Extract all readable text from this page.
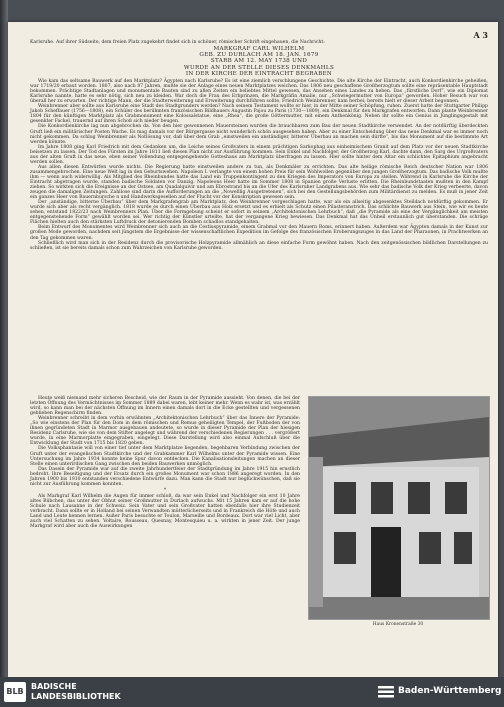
A 3

Karlsruhe. Auf ihrer Südseite, dem freien Platz zugekehrt findet sich in schöner, römischer Schrift eingehauen, die Nachricht:

MARKGRAF CARL WILHELM
GEB. ZU DURLACH AM 18. JAN. 1679
STARB AM 12. MAY 1738 UND
WURDE AN DER STELLE DIESES DENKMAHLS
IN DER KIRCHE DER EINTRACHT BEGRABEN

Wie kam das seltsame Bauwerk auf den Marktplatz? Ägypten nach Karlsruhe? Es ist eine ziemlich verschlungene Geschichte. Die alte Kirche der Eintracht, auch Konkordienkirche geheißen, war 1719/20 erbaut worden. 1807, also nach 87 Jahren, mußte sie der Anlage eines neuen Marktplatzes weichen. Das 1806 neu geschaffene Großherzogtum sollte eine repräsentable Hauptstadt bekommen. Prächtige Stadtanlagen und monumentale Bauten sind zu allen Zeiten ein beliebtes Mittel gewesen, das Ansehen eines Landes zu heben. Das „fürstliche Dorf“, wie ein Diplomat Karlsruhe nannte, hatte es sehr nötig, sich neu zu kleiden. War doch die Frau des Erbprinzen, die Markgräfin Amalie, nur „Schwiegermutter von Europa“ geworden. Hoher Besuch war von überall her zu erwarten. Der richtige Mann, der die Stadterweiterung und Erweiterung durchführen sollte, Friedrich Weinbrenner, kam herbei; bereits hielt er dieser Arbeit begonnen.

Weinbrenner aber sollte aus Karlsruhe eine Stadt des Stadtgrunders werden? Nach seinem Testament wollte er hier, in der Mitte seiner Schöpfung, ruhen. Zuerst hatte der Stuttgarter Philipp Jakob Scheffauer (1756—1808), ein Schüler des berühmten französischen Bildhauers Augustin Pajou zu Paris (1730—1809), ein Denkmal für den Markgrafen entworfen. Dann plante Weinbrenner 1804 für den künftigen Marktplatz als Grabmonument eine Kolossalstatue, eine „Rhea“, die große Göttermutter, mit einem Anthenkönig. Neben ihr sollte ein Genius in Jünglingsgestalt mit gesenkter Fackel, trauernd auf ihren Schoß sich nieder beugen.

Die Konkordienkirche lag nun abgebrochen da. Von den hier gewonnenen Mauersteinen wurden die brauchbaren zum Bau der neuen Stadtkirche verwendet. An der notdürftig überdeckten Gruft ließ ein militärischer Posten Wache. Es mag damals vor der Bürgergasse nicht wunderlich schön ausgesehen haben. Aber zu einer Entscheidung über das neue Denkmal war es immer noch nicht gekommen. Da schlug Weinbrenner als Notlösung vor, daß über dem Grab „einstweilen ein anständiger, bitterer Überbau an machen sein dürfte“, bis das Monument auf die bestimmte Art werden könnte.

Im Jahre 1808 ging Karl Friedrich mit dem Gedanken um, die Leiche seines Großvaters in einem prächtigen Sarkophag aus einheimischem Granit auf dem Platz vor der neuen Stadtkirche beisetzen zu lassen. Der Tod des Fürsten im Jahre 1811 ließ diesen Plan nicht zur Ausführung kommen. Sein Enkel und Nachfolger, der Großherzog Karl, dachte dann, den Sarg des Urgroßvaters aus der alten Gruft in das neue, eben seiner Vollendung entgegengehende Gotteshaus am Marktplatz überfragen zu lassen. Hier sollte hinter dem Altar ein schlichtes Epitaphium angebracht werden sollen.

Aus allen diesen Entwürfen wurde nichts. Die Regierung hatte einstweilen andere zu tun, als Denkmäler zu errichten. Das alte heilige römische Reich deutscher Nation war 1806 zusammengebrochen. Eine neue Welt lag in den Geburtswehen. Napoleon I. verlangte von einem hohen Preis für sein Wohlwollen gegenüber den jungen Großherzogtum. Das badische Volk mußte ihm — wenn auch widerwillig. Als Mitglied des Rheinbundes hatte das Land ein Truppenkontingent zu den Kriegen des Imperators von Europa zu stellen. Während in Karlsruhe die Kirche der Eintracht abgetragen wurde, standen badische Soldaten vor Danzig. Napoleons Heer hatte im Sommer 1808 in Spanien große Verluste erlitten. Die Rheinbundstaaten mußten in den Kampf ziehen. So wirkten sich die Ereignisse an der Ostsee, am Quadalquivir und am Ebrostrand bis an die Ufer des Karlsruher Landgrabens aus. Wie sehr das badische Volk der Krieg verheerte, davon zeugen die damaligen Zeitungen. Zahllose sind darin die Aufforderungen an die „Nowelllig Ausgetretenen“, sich bei den Gestellungsbehörden zum Militärdienst zu melden. Es muß in jener Zeit ein ganzes Heer von Bauernbursche n und Handwerksgesellen auf der Flucht vor der Konskription gewesen sein.

Der „anständige, bitterne Überbau“ über dem Markgrafengrab am Marktplatz, den Weinbrenner vorgeschlagen hatte, war als ein allseitig abgesenktes Steildach notdürftig gekommen. Er wurde sich aber als recht vergänglich. 1818 wurde es durch einen Überbau aus Holz ersetzt und es erhielt als Schutz einen Pilasteranstrich. Das schlichte Bauwerk aus Stein, wie wir es heute sehen, entstand 1822/23 nach Weinbrenners Plan. Über die Formgebung scheint er sofort in seinem „Architektonischen Lehrbuch“, daß „die Pyramide als eine der Vergänglichkeit am meisten entgegenstehende Form“ gewählt worden sei. Wer richtig der Künstler urteilte, hat der vergangene Krieg bewiesen. Das Denkmal hat das Unheil erstaunlich gut überstanden. Die schräge Flächen hielten auch den stärksten Luftdruck der detonierenden Bomben schadlos standgehalten.

Beim Entwurf des Monumentes wird Weinbrenner sich auch an die Cestiuspyramide, einem Grabmal vor den Mauern Roms, erinnert haben. Außerdem war Ägypten damals in der Kunst zur großen Mode geworden, nachdem seit jüngstem die Ergebnisse der wissenschaftlichen Expedition im Gefolge des französischen Eroberungszuges in das Land der Pharaonen, in Prachtwerken an den Tag gekommen waren.

Schließlich wird man sich in der Residenz durch die provisorische Holzpyramide allmählich an diese einfache Form gewöhnt haben. Nach den zeitgenössischen bildlichen Darstellungen zu schließen, ist sie bereits damals schon zum Wahrzeichen von Karlsruhe geworden.

Heute weiß niemand mehr sicheren Bescheid, wie der Raum in der Pyramide aussieht. Von denen, die bei der letzten Öffnung des Vermächtnisses im Sommer 1889 dabei waren, lebt keiner mehr. Wenn es wahr ist, was erzählt wird, so kann man bei der nächsten Öffnung im Innern einen damals dort in die Ecke gestellten und vergessenen geblieben Regenschirm finden.

Weinbrenner schreibt in dem vorhin erwähnten „Architektonischen Lehrbuch“ über das Innere der Pyramide: „So wie einstens der Plan für den Dom in dem römischen und Remus geheiligten Tempel, der Fußboden der von ihnen gegründeten Stadt in Marmor ausgebauen andeutete, so wurde in dieser Pyramide der Plan der hiesigen Residenz Carlsruhe, wie sie von dem Stifter angelegt und während der verschiedenen Regierungen . . . vergrößert wurde, in eine Marmorplatte eingegraben, eingelegt. Diese Darstellung wird also einmal Aufschluß über die Entwicklung der Stadt von 1715 bis 1820 geben.

Die Volksphantasie will von einer tief unter dem Marktplatze liegenden, begehbaren Verbindung zwischen der Gruft unter der evangelischen Stadtkirche und der Grabkammer Karl Wilhelms unter der Pyramide wissen. Eine Untersuchung im Jahre 1934 konnte keine Spur davon entdecken. Die Kanalisationsleitungen machen an dieser Stelle einen unterirdischen Gang zwischen den beiden Bauwerken unmöglich.

Das Dasein der Pyramide war auf die zweite Jahrhundertfeier der Stadtgründung im Jahre 1915 hin ernstlich bedroht. Ihre Beseitigung und der Ersatz durch ein großes Monument war schon 1886 angeregt worden. In den Jahren 1900 bis 1910 entstanden verschiedene Entwürfe dazu. Man kann die Stadt nur beglückwünschen, daß sie nicht zur Ausführung kommen konnten.

*

Als Markgraf Karl Wilhelm die Augen für immer schloß, da war sein Enkel und Nachfolger ein erst 10 Jahre altes Bübchen, das unter der Obhut seiner Großmutter in Durlach aufwuchs. Mit 15 Jahren kam er auf die hohe Schule nach Lausanne in der Schweiz. Sein Vater und sein Großvater hatten ebenfalls hier ihre Studienzeit verbracht. Dann sollte er in Holland bei seinen Verwandten mütterlicherseits und in Frankreich die Höfe und auch Land und Leute kennen lernen. Außer Paris besuchte er Toulon, Marseille und Bordeaux. Dort war viel Licht, aber auch viel Schatten zu sehen. Voltaire, Rousseau, Quesnay, Montesquieu u. a. wirkten in jener Zeit. Der junge Markgraf wird aber auch die Auswirkungen

Haus Kronenstraße 30
BLB
BADISCHE
LANDESBIBLIOTHEK
Baden-Württemberg
